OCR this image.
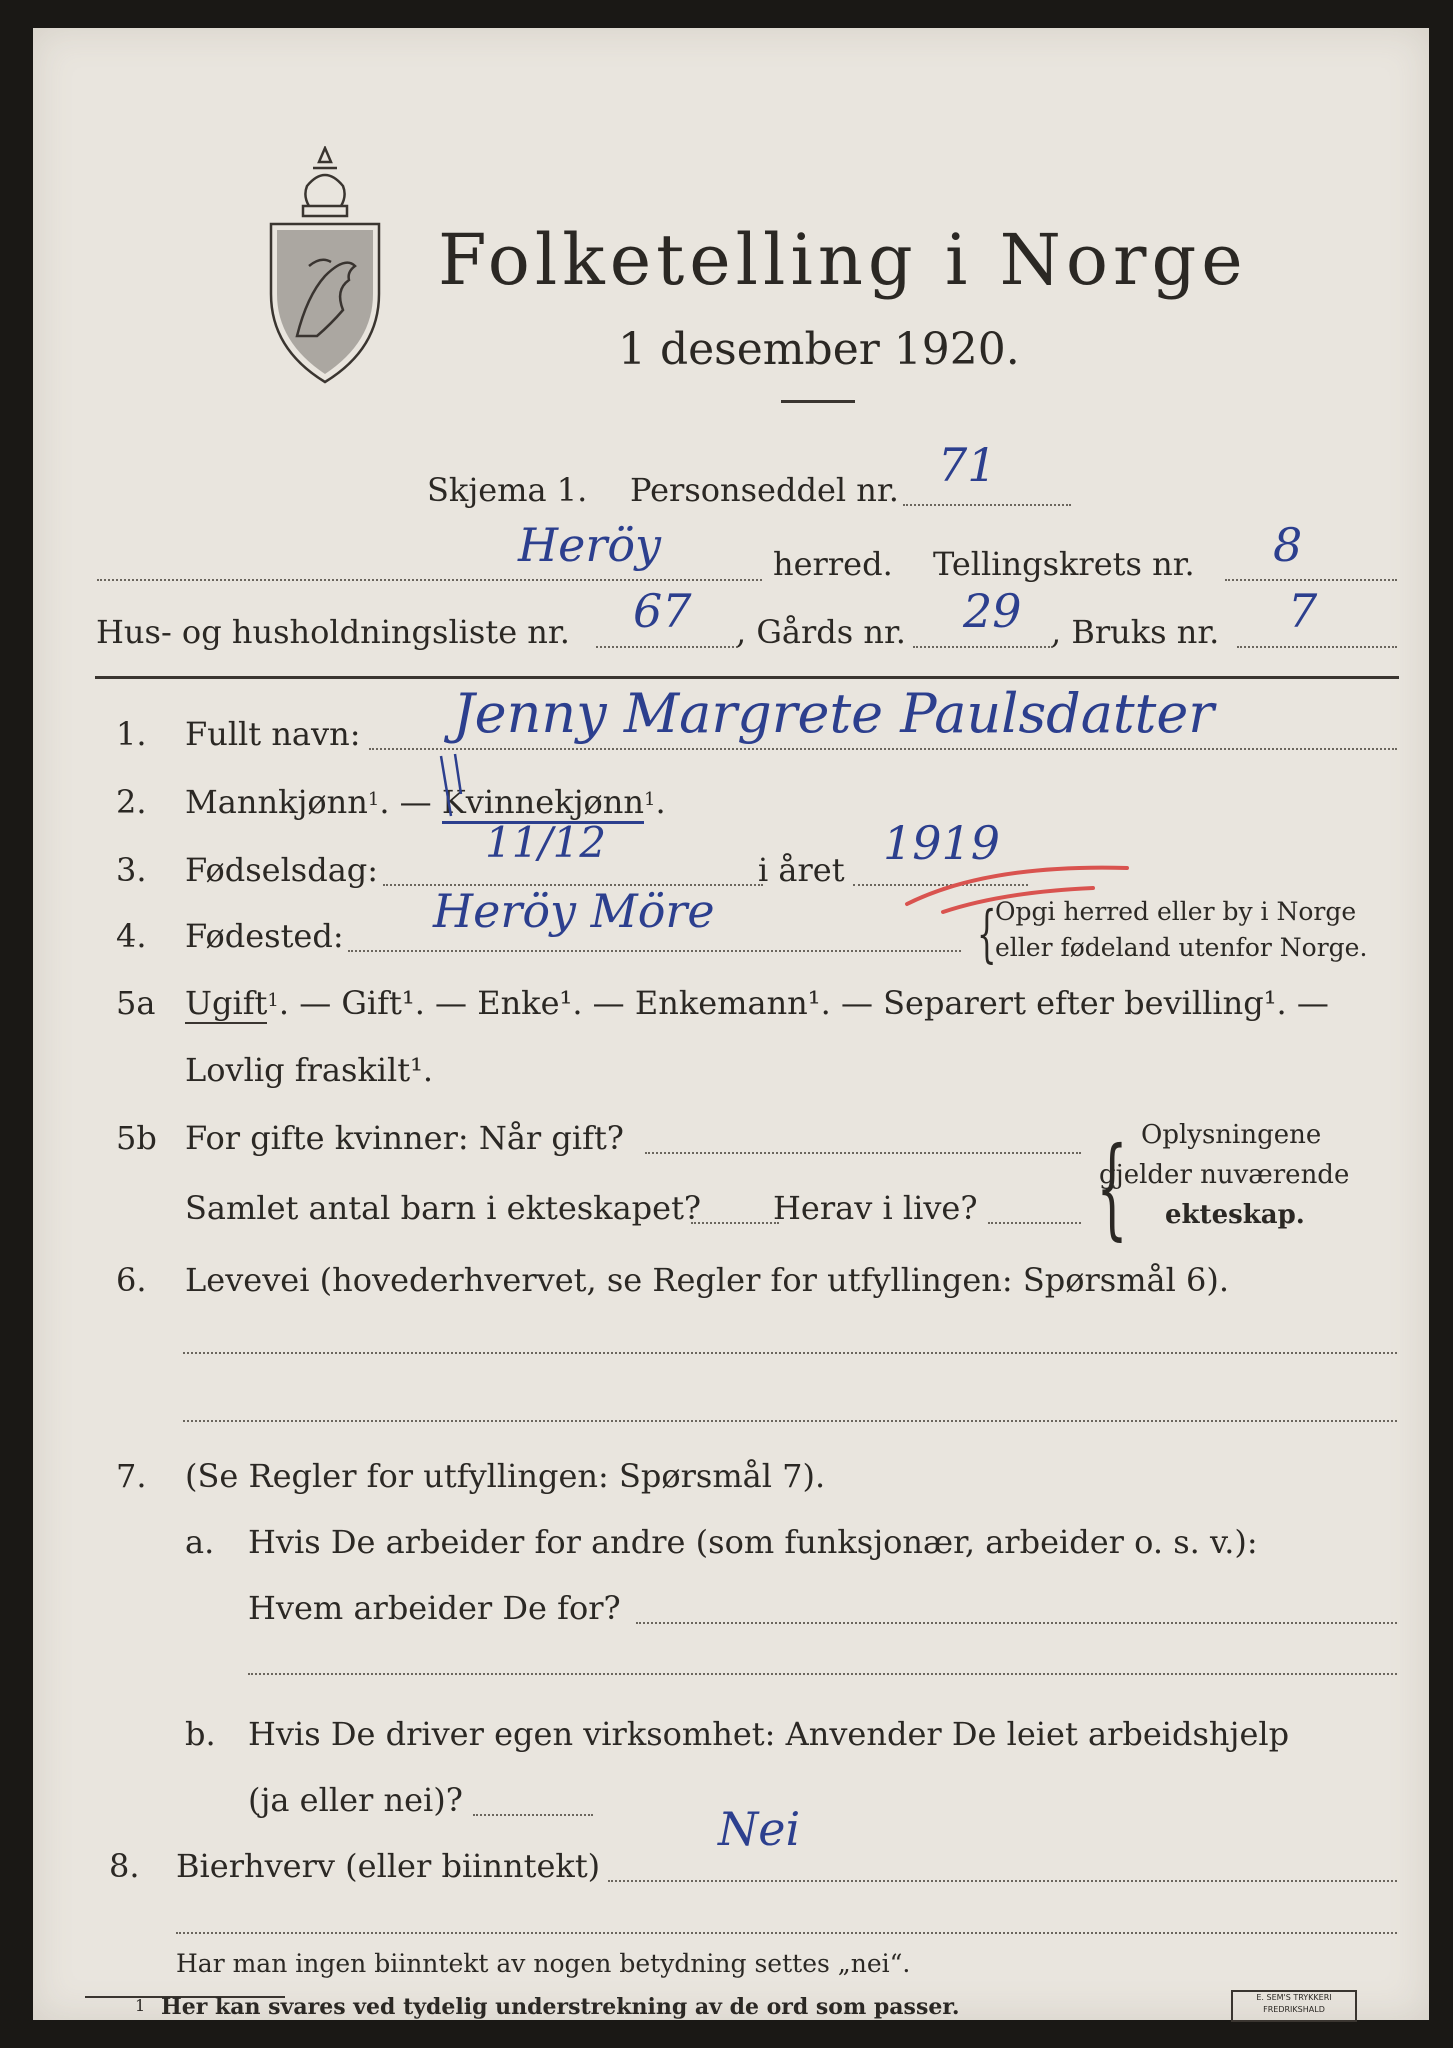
Folketelling i Norge
1 desember 1920.
Skjema 1. Personseddel nr. 71
Heröy	herred. Tellingskrets nr. 8
Hus- og husholdningsliste nr. 67 , Gårds nr. 29 , Bruks nr. 7
1. Fullt navn: Jenny Margrete Paulsdatter
2. Mannkjønn$^1$. — Kvinnekjønn$^1$.
3. Fødselsdag:
11/12
i året 1919
4. Fødested: Heröy Möre	{
Opgi herred eller by i Norge
eller fødeland utenfor Norge.
5a Ugift$^1$. — Gift¹. — Enke¹. — Enkemann¹. — Separert efter bevilling¹. —
Lovlig fraskilt¹.
5b For gifte kvinner: Når gift?
Samlet antal barn i ekteskapet? Herav i live? { Oplysningene
gjelder nuværende
ekteskap.
6. Levevei (hovederhvervet, se Regler for utfyllingen: Spørsmål 6).
7. (Se Regler for utfyllingen: Spørsmål 7).
a. Hvis De arbeider for andre (som funksjonær, arbeider o. s. v.):
Hvem arbeider De for?
b. Hvis De driver egen virksomhet: Anvender De leiet arbeidshjelp
(ja eller nei)?
8. Bierhverv (eller biinntekt)
Nei
Har man ingen biinntekt av nogen betydning settes „nei“.
1 Her kan svares ved tydelig understrekning av de ord som passer.	E. SEM'S TRYKKERI
FREDRIKSHALD
